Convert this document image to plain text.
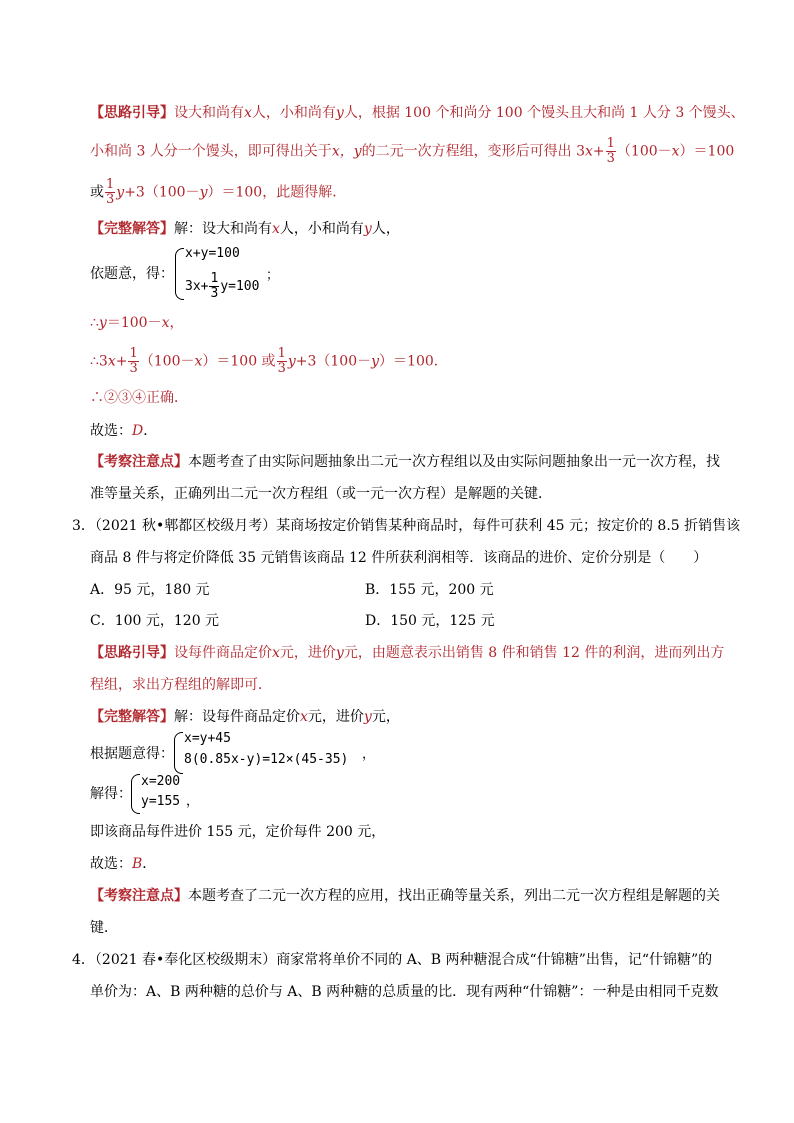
【思路引导】设大和尚有x人，小和尚有y人，根据 100 个和尚分 100 个馒头且大和尚 1 人分 3 个馒头、
小和尚 3 人分一个馒头，即可得出关于x，y的二元一次方程组，变形后可得出 $3x+ \frac{1}{3} (100-x)=100$
或 $\frac{1}{3} y+3(100-y)=100$，此题得解．
【完整解答】解：设大和尚有x人，小和尚有y人，
依题意，得：
x+y=100
$3x+ \frac{1}{3} y=100$
；
∴y＝100－x，
∴3x+ $\frac{1}{3} (100-x)=100$ 或 $\frac{1}{3} y+3(100-y)=100$．
∴②③④正确．
故选：D．
【考察注意点】本题考查了由实际问题抽象出二元一次方程组以及由实际问题抽象出一元一次方程，找
准等量关系，正确列出二元一次方程组（或一元一次方程）是解题的关键．
3．（2021 秋•郫都区校级月考）某商场按定价销售某种商品时，每件可获利 45 元；按定价的 8.5 折销售该
商品 8 件与将定价降低 35 元销售该商品 12 件所获利润相等．该商品的进价、定价分别是（　　）
A．95 元，180 元	B．155 元，200 元
C．100 元，120 元	D．150 元，125 元
【思路引导】设每件商品定价x元，进价y元，由题意表示出销售 8 件和销售 12 件的利润，进而列出方
程组，求出方程组的解即可．
【完整解答】解：设每件商品定价x元，进价y元，
根据题意得：
x=y+45
8(0.85x-y)=12×(45-35) ，
解得：
x=200
y=155 ，
即该商品每件进价 155 元，定价每件 200 元，
故选：B．
【考察注意点】本题考查了二元一次方程的应用，找出正确等量关系，列出二元一次方程组是解题的关
键．
4．（2021 春•奉化区校级期末）商家常将单价不同的 A、B 两种糖混合成“什锦糖”出售，记“什锦糖”的
单价为：A、B 两种糖的总价与 A、B 两种糖的总质量的比．现有两种“什锦糖”：一种是由相同千克数
